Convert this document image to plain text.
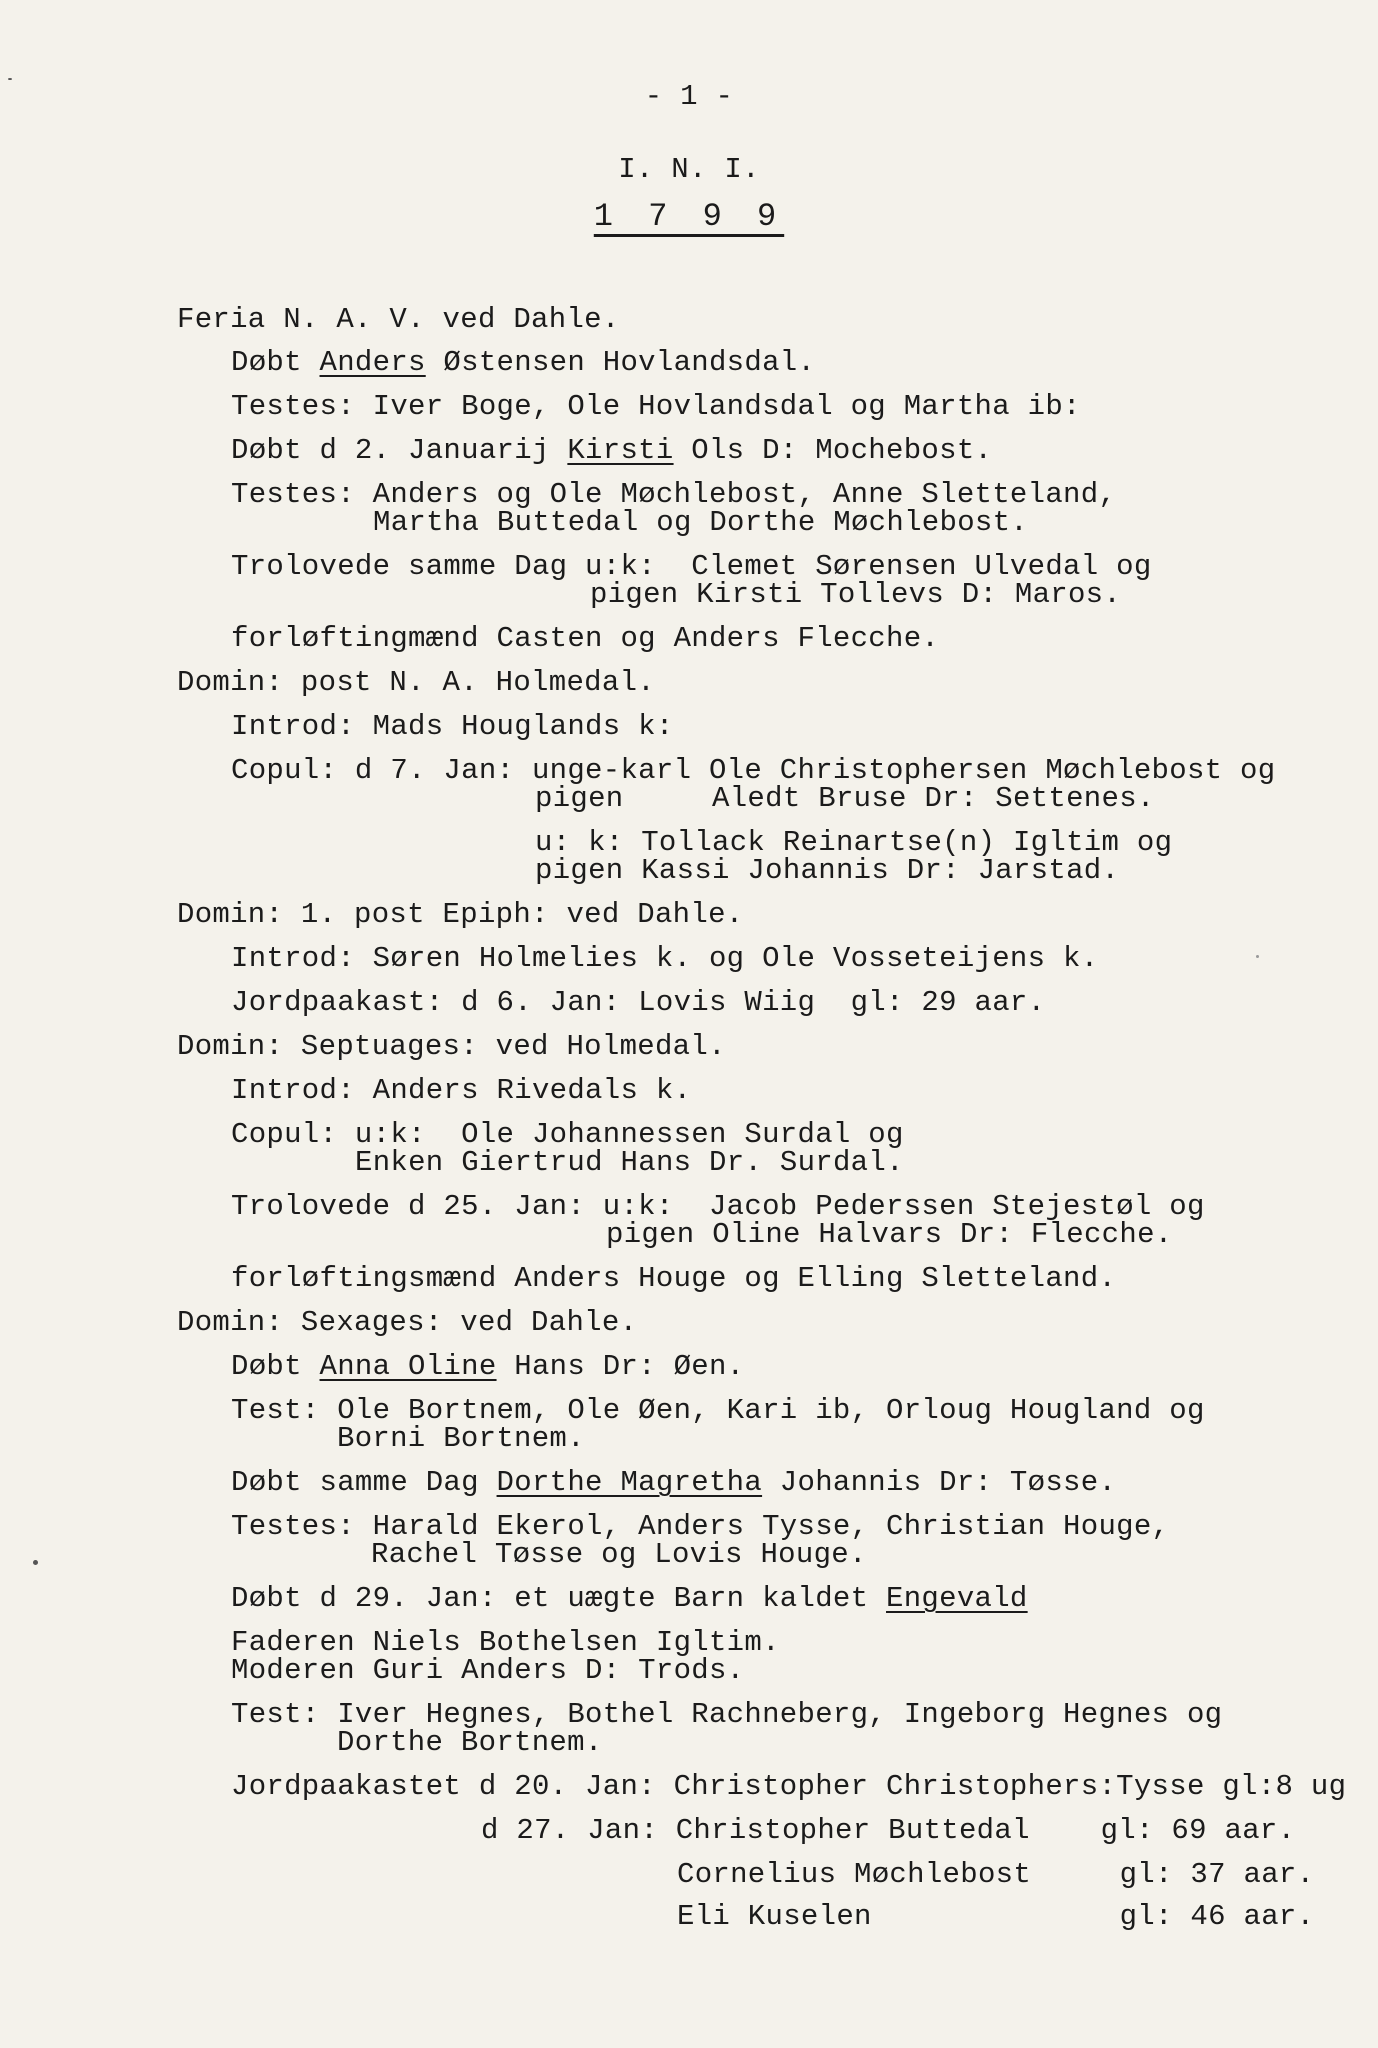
- 1 -
I. N. I.
1 7 9 9
Feria N. A. V. ved Dahle.
Døbt Anders Østensen Hovlandsdal.
Testes: Iver Boge, Ole Hovlandsdal og Martha ib:
Døbt d 2. Januarij Kirsti Ols D: Mochebost.
Testes: Anders og Ole Møchlebost, Anne Sletteland,
Martha Buttedal og Dorthe Møchlebost.
Trolovede samme Dag u:k:  Clemet Sørensen Ulvedal og
pigen Kirsti Tollevs D: Maros.
forløftingmænd Casten og Anders Flecche.
Domin: post N. A. Holmedal.
Introd: Mads Houglands k:
Copul: d 7. Jan: unge-karl Ole Christophersen Møchlebost og
pigen     Aledt Bruse Dr: Settenes.
u: k: Tollack Reinartse(n) Igltim og
pigen Kassi Johannis Dr: Jarstad.
Domin: 1. post Epiph: ved Dahle.
Introd: Søren Holmelies k. og Ole Vosseteijens k.
Jordpaakast: d 6. Jan: Lovis Wiig  gl: 29 aar.
Domin: Septuages: ved Holmedal.
Introd: Anders Rivedals k.
Copul: u:k:  Ole Johannessen Surdal og
Enken Giertrud Hans Dr. Surdal.
Trolovede d 25. Jan: u:k:  Jacob Pederssen Stejestøl og
pigen Oline Halvars Dr: Flecche.
forløftingsmænd Anders Houge og Elling Sletteland.
Domin: Sexages: ved Dahle.
Døbt Anna Oline Hans Dr: Øen.
Test: Ole Bortnem, Ole Øen, Kari ib, Orloug Hougland og
Borni Bortnem.
Døbt samme Dag Dorthe Magretha Johannis Dr: Tøsse.
Testes: Harald Ekerol, Anders Tysse, Christian Houge,
Rachel Tøsse og Lovis Houge.
Døbt d 29. Jan: et uægte Barn kaldet Engevald
Faderen Niels Bothelsen Igltim.
Moderen Guri Anders D: Trods.
Test: Iver Hegnes, Bothel Rachneberg, Ingeborg Hegnes og
Dorthe Bortnem.
Jordpaakastet d 20. Jan: Christopher Christophers:Tysse gl:8 ug
d 27. Jan: Christopher Buttedal    gl: 69 aar.
Cornelius Møchlebost     gl: 37 aar.
Eli Kuselen              gl: 46 aar.
